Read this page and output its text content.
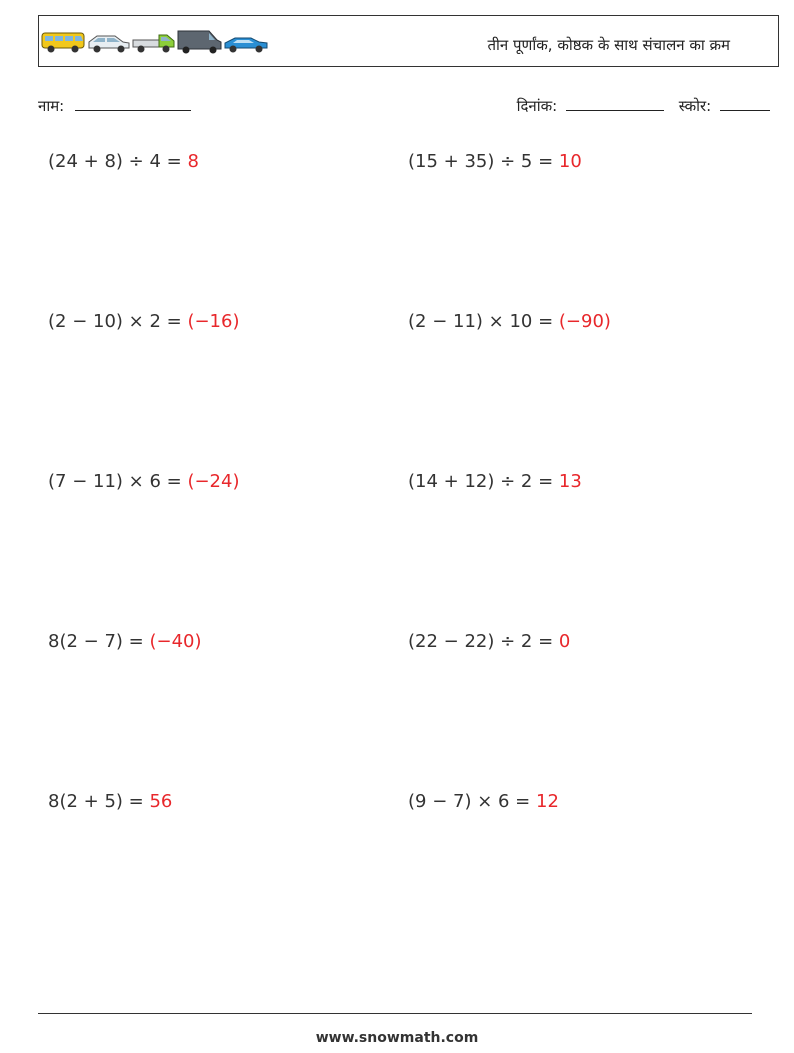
तीन पूर्णांक, कोष्ठक के साथ संचालन का क्रम
नाम:	दिनांक:	स्कोर:
(24 + 8) ÷ 4 = 8	(15 + 35) ÷ 5 = 10
(2 − 10) × 2 = (−16)	(2 − 11) × 10 = (−90)
(7 − 11) × 6 = (−24)	(14 + 12) ÷ 2 = 13
8(2 − 7) = (−40)	(22 − 22) ÷ 2 = 0
8(2 + 5) = 56	(9 − 7) × 6 = 12
www.snowmath.com
